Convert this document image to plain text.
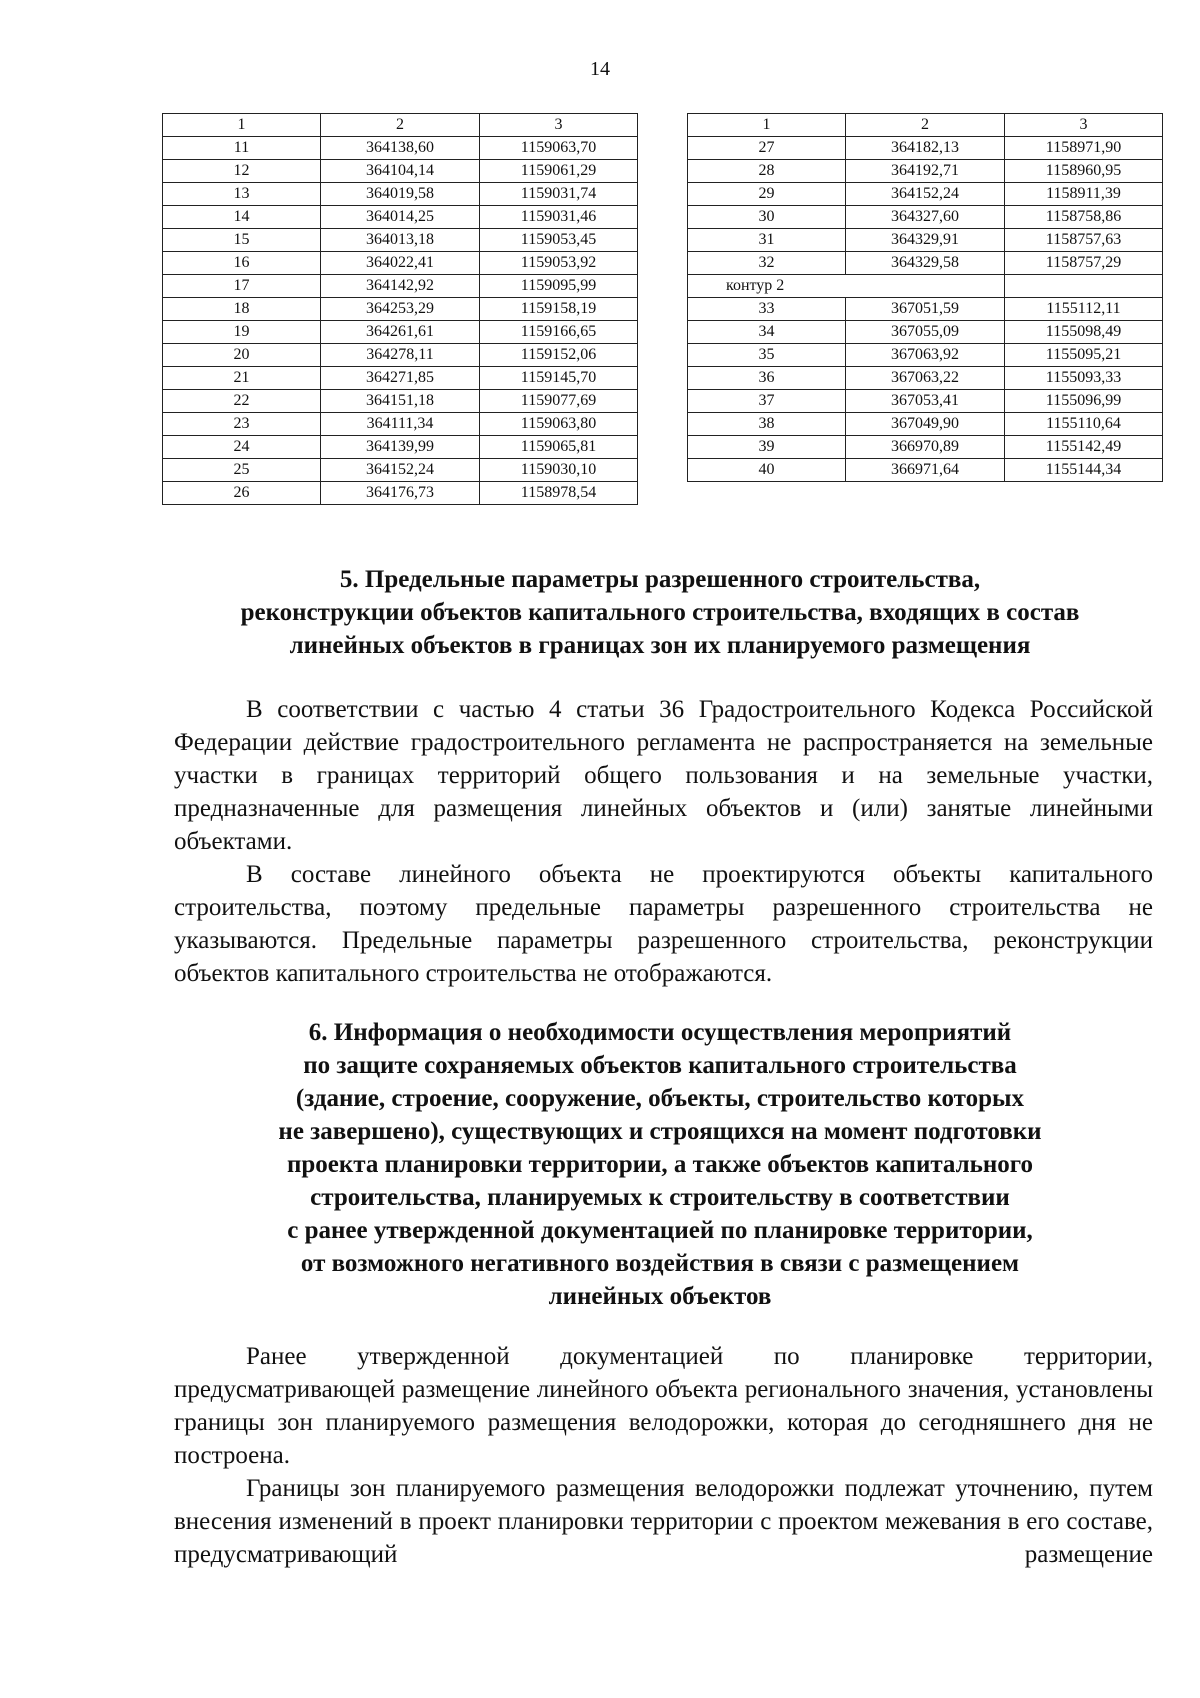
14
1	2	3
11	364138,60	1159063,70
12	364104,14	1159061,29
13	364019,58	1159031,74
14	364014,25	1159031,46
15	364013,18	1159053,45
16	364022,41	1159053,92
17	364142,92	1159095,99
18	364253,29	1159158,19
19	364261,61	1159166,65
20	364278,11	1159152,06
21	364271,85	1159145,70
22	364151,18	1159077,69
23	364111,34	1159063,80
24	364139,99	1159065,81
25	364152,24	1159030,10
26	364176,73	1158978,54
1	2	3
27	364182,13	1158971,90
28	364192,71	1158960,95
29	364152,24	1158911,39
30	364327,60	1158758,86
31	364329,91	1158757,63
32	364329,58	1158757,29
контур 2		
33	367051,59	1155112,11
34	367055,09	1155098,49
35	367063,92	1155095,21
36	367063,22	1155093,33
37	367053,41	1155096,99
38	367049,90	1155110,64
39	366970,89	1155142,49
40	366971,64	1155144,34
5. Предельные параметры разрешенного строительства,
реконструкции объектов капитального строительства, входящих в состав
линейных объектов в границах зон их планируемого размещения

В соответствии с частью 4 статьи 36 Градостроительного Кодекса Российской Федерации действие градостроительного регламента не распространяется на земельные участки в границах территорий общего пользования и на земельные участки, предназначенные для размещения линейных объектов и (или) занятые линейными объектами.

В составе линейного объекта не проектируются объекты капитального строительства, поэтому предельные параметры разрешенного строительства не указываются. Предельные параметры разрешенного строительства, реконструкции объектов капитального строительства не отображаются.

6. Информация о необходимости осуществления мероприятий
по защите сохраняемых объектов капитального строительства
(здание, строение, сооружение, объекты, строительство которых
не завершено), существующих и строящихся на момент подготовки
проекта планировки территории, а также объектов капитального
строительства, планируемых к строительству в соответствии
с ранее утвержденной документацией по планировке территории,
от возможного негативного воздействия в связи с размещением
линейных объектов

Ранее утвержденной документацией по планировке территории, предусматривающей размещение линейного объекта регионального значения, установлены границы зон планируемого размещения велодорожки, которая до сегодняшнего дня не построена.

Границы зон планируемого размещения велодорожки подлежат уточнению, путем внесения изменений в проект планировки территории с проектом межевания в его составе, предусматривающий размещение
